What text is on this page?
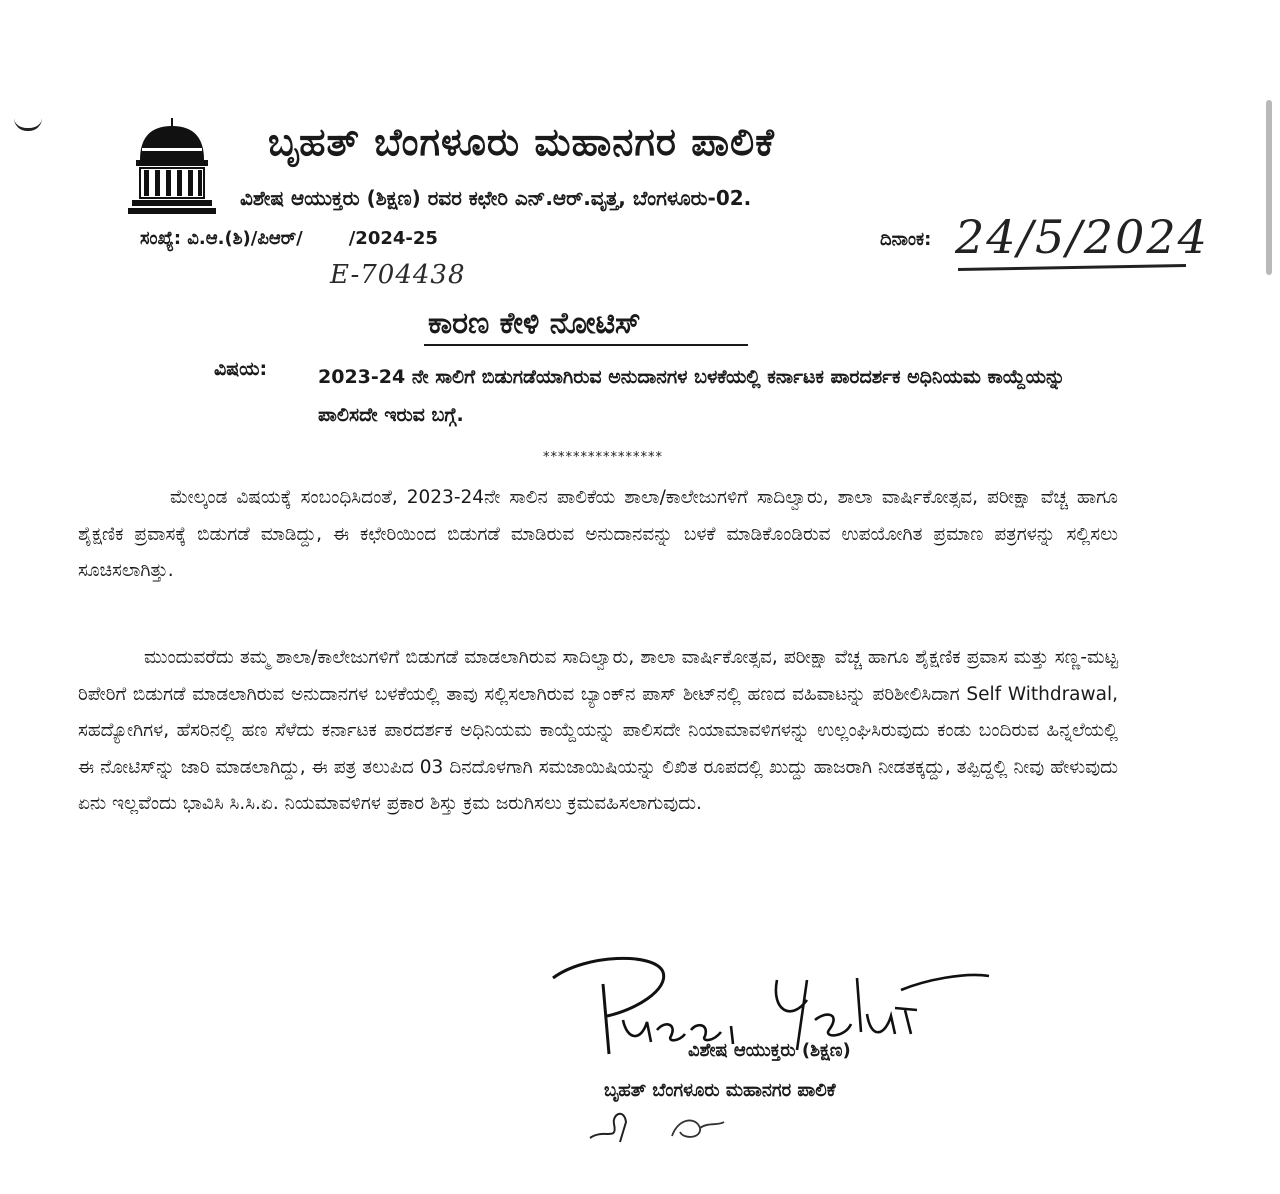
ಬೃಹತ್ ಬೆಂಗಳೂರು ಮಹಾನಗರ ಪಾಲಿಕೆ
ವಿಶೇಷ ಆಯುಕ್ತರು (ಶಿಕ್ಷಣ) ರವರ ಕಛೇರಿ ಎನ್.ಆರ್.ವೃತ್ತ, ಬೆಂಗಳೂರು-02.
ಸಂಖ್ಯೆ: ವಿ.ಆ.(ಶಿ)/ಪಿಆರ್/	/2024-25	ದಿನಾಂಕ: 24/5/2024
E-704438
ಕಾರಣ ಕೇಳಿ ನೋಟಿಸ್
ವಿಷಯ:	2023-24 ನೇ ಸಾಲಿಗೆ ಬಿಡುಗಡೆಯಾಗಿರುವ ಅನುದಾನಗಳ ಬಳಕೆಯಲ್ಲಿ ಕರ್ನಾಟಕ ಪಾರದರ್ಶಕ ಅಧಿನಿಯಮ ಕಾಯ್ದೆಯನ್ನು ಪಾಲಿಸದೇ ಇರುವ ಬಗ್ಗೆ.
****************
ಮೇಲ್ಕಂಡ ವಿಷಯಕ್ಕೆ ಸಂಬಂಧಿಸಿದಂತೆ, 2023-24ನೇ ಸಾಲಿನ ಪಾಲಿಕೆಯ ಶಾಲಾ/ಕಾಲೇಜುಗಳಿಗೆ ಸಾದಿಲ್ವಾರು, ಶಾಲಾ ವಾರ್ಷಿಕೋತ್ಸವ, ಪರೀಕ್ಷಾ ವೆಚ್ಚ ಹಾಗೂ ಶೈಕ್ಷಣಿಕ ಪ್ರವಾಸಕ್ಕೆ ಬಿಡುಗಡೆ ಮಾಡಿದ್ದು, ಈ ಕಛೇರಿಯಿಂದ ಬಿಡುಗಡೆ ಮಾಡಿರುವ ಅನುದಾನವನ್ನು ಬಳಕೆ ಮಾಡಿಕೊಂಡಿರುವ ಉಪಯೋಗಿತ ಪ್ರಮಾಣ ಪತ್ರಗಳನ್ನು ಸಲ್ಲಿಸಲು ಸೂಚಿಸಲಾಗಿತ್ತು.
ಮುಂದುವರೆದು ತಮ್ಮ ಶಾಲಾ/ಕಾಲೇಜುಗಳಿಗೆ ಬಿಡುಗಡೆ ಮಾಡಲಾಗಿರುವ ಸಾದಿಲ್ವಾರು, ಶಾಲಾ ವಾರ್ಷಿಕೋತ್ಸವ, ಪರೀಕ್ಷಾ ವೆಚ್ಚ ಹಾಗೂ ಶೈಕ್ಷಣಿಕ ಪ್ರವಾಸ ಮತ್ತು ಸಣ್ಣ-ಮಟ್ಟ ರಿಪೇರಿಗೆ ಬಿಡುಗಡೆ ಮಾಡಲಾಗಿರುವ ಅನುದಾನಗಳ ಬಳಕೆಯಲ್ಲಿ ತಾವು ಸಲ್ಲಿಸಲಾಗಿರುವ ಬ್ಯಾಂಕ್‌ನ ಪಾಸ್ ಶೀಟ್‌ನಲ್ಲಿ ಹಣದ ವಹಿವಾಟನ್ನು ಪರಿಶೀಲಿಸಿದಾಗ Self Withdrawal, ಸಹದ್ಯೋಗಿಗಳ, ಹೆಸರಿನಲ್ಲಿ ಹಣ ಸೆಳೆದು ಕರ್ನಾಟಕ ಪಾರದರ್ಶಕ ಅಧಿನಿಯಮ ಕಾಯ್ದೆಯನ್ನು ಪಾಲಿಸದೇ ನಿಯಾಮಾವಳಿಗಳನ್ನು ಉಲ್ಲಂಘಿಸಿರುವುದು ಕಂಡು ಬಂದಿರುವ ಹಿನ್ನಲೆಯಲ್ಲಿ ಈ ನೋಟಿಸ್‌ನ್ನು ಜಾರಿ ಮಾಡಲಾಗಿದ್ದು, ಈ ಪತ್ರ ತಲುಪಿದ 03 ದಿನದೊಳಗಾಗಿ ಸಮಜಾಯಿಷಿಯನ್ನು ಲಿಖಿತ ರೂಪದಲ್ಲಿ ಖುದ್ದು ಹಾಜರಾಗಿ ನೀಡತಕ್ಕದ್ದು, ತಪ್ಪಿದ್ದಲ್ಲಿ ನೀವು ಹೇಳುವುದು ಏನು ಇಲ್ಲವೆಂದು ಭಾವಿಸಿ ಸಿ.ಸಿ.ಏ. ನಿಯಮಾವಳಿಗಳ ಪ್ರಕಾರ ಶಿಸ್ತು ಕ್ರಮ ಜರುಗಿಸಲು ಕ್ರಮವಹಿಸಲಾಗುವುದು.
ವಿಶೇಷ ಆಯುಕ್ತರು (ಶಿಕ್ಷಣ)
ಬೃಹತ್ ಬೆಂಗಳೂರು ಮಹಾನಗರ ಪಾಲಿಕೆ
